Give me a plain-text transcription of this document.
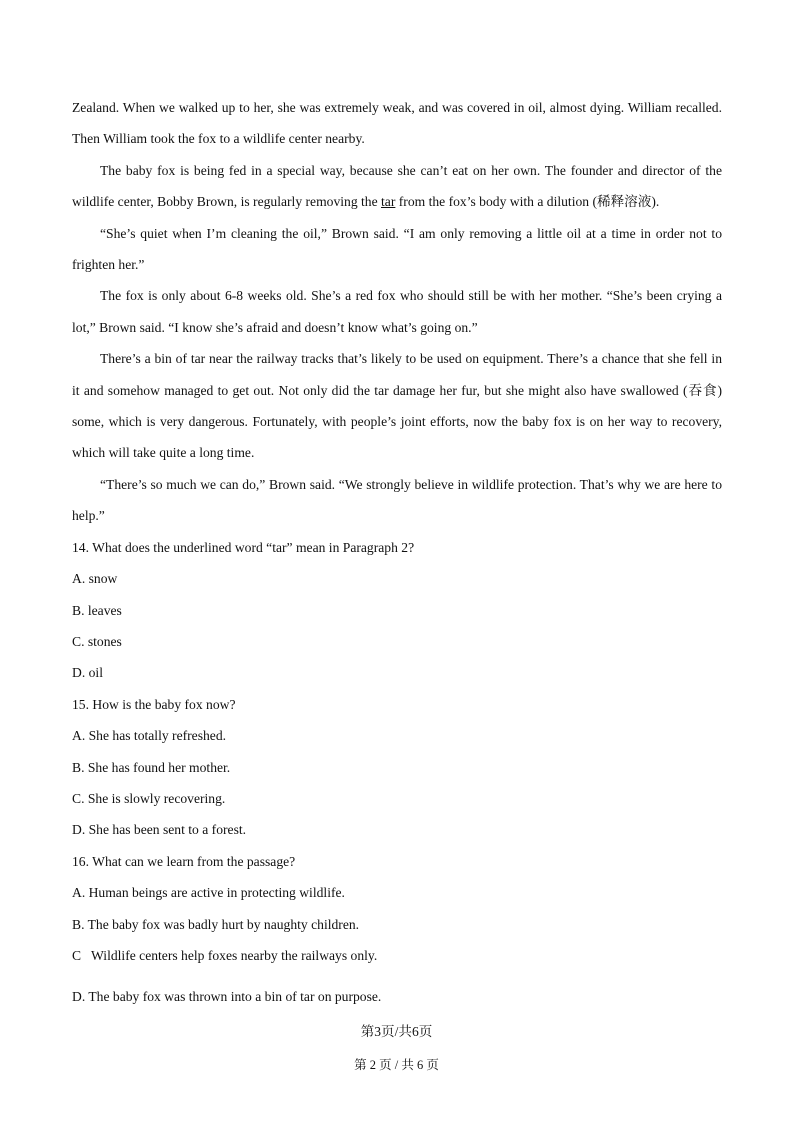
Zealand. When we walked up to her, she was extremely weak, and was covered in oil, almost dying. William recalled. Then William took the fox to a wildlife center nearby.

The baby fox is being fed in a special way, because she can’t eat on her own. The founder and director of the wildlife center, Bobby Brown, is regularly removing the tar from the fox’s body with a dilution (稀释溶液).

“She’s quiet when I’m cleaning the oil,” Brown said. “I am only removing a little oil at a time in order not to frighten her.”

The fox is only about 6-8 weeks old. She’s a red fox who should still be with her mother. “She’s been crying a lot,” Brown said. “I know she’s afraid and doesn’t know what’s going on.”

There’s a bin of tar near the railway tracks that’s likely to be used on equipment. There’s a chance that she fell in it and somehow managed to get out. Not only did the tar damage her fur, but she might also have swallowed (吞食) some, which is very dangerous. Fortunately, with people’s joint efforts, now the baby fox is on her way to recovery, which will take quite a long time.

“There’s so much we can do,” Brown said. “We strongly believe in wildlife protection. That’s why we are here to help.”

14. What does the underlined word “tar” mean in Paragraph 2?

A. snow

B. leaves

C. stones

D. oil

15. How is the baby fox now?

A. She has totally refreshed.

B. She has found her mother.

C. She is slowly recovering.

D. She has been sent to a forest.

16. What can we learn from the passage?

A. Human beings are active in protecting wildlife.

B. The baby fox was badly hurt by naughty children.

C   Wildlife centers help foxes nearby the railways only.

D. The baby fox was thrown into a bin of tar on purpose.

第3页/共6页
第 2 页 / 共 6 页
